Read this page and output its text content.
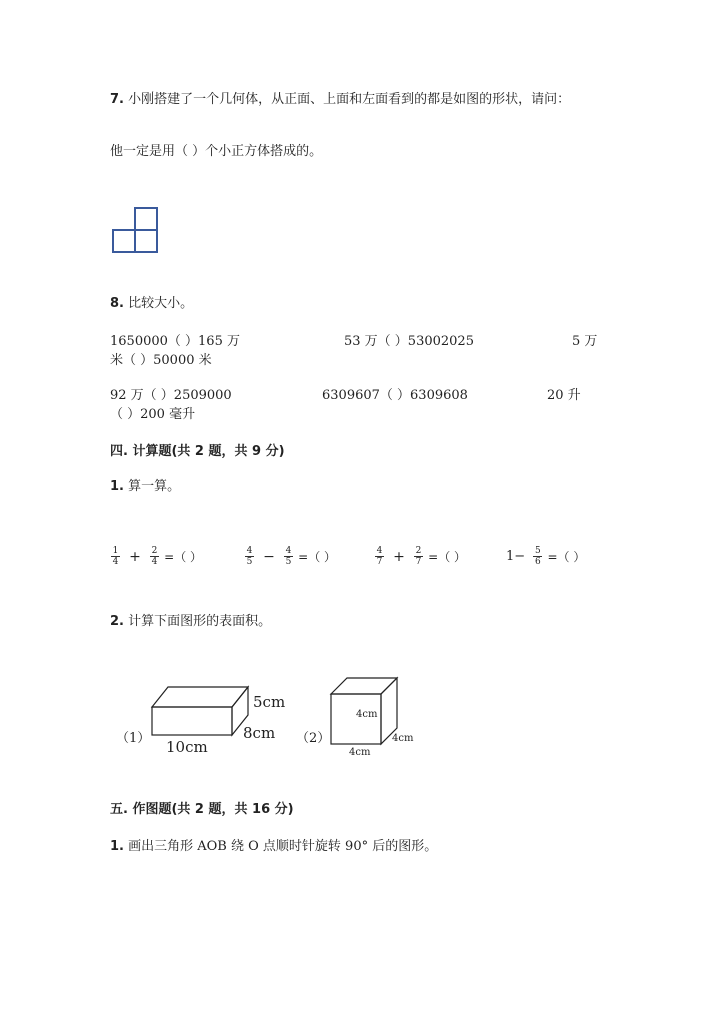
7. 小刚搭建了一个几何体，从正面、上面和左面看到的都是如图的形状，请问：
他一定是用（ ）个小正方体搭成的。
8. 比较大小。
1650000（ ）165 万	53 万（ ）53002025	5 万
米（ ）50000 米
92 万（ ）2509000	6309607（ ）6309608	20 升
（ ）200 毫升
四. 计算题(共 2 题，共 9 分)
1. 算一算。
$\frac{1}{4} + \frac{2}{4}$ =（ ）	$\frac{4}{5} - \frac{4}{5}$ =（ ）	$\frac{4}{7} + \frac{2}{7}$ =（ ）	$1- \frac{5}{6}$ =（ ）
2. 计算下面图形的表面积。
（1）
5cm
8cm
10cm	（2）
4cm
4cm
4cm
五. 作图题(共 2 题，共 16 分)
1. 画出三角形 AOB 绕 O 点顺时针旋转 90° 后的图形。
